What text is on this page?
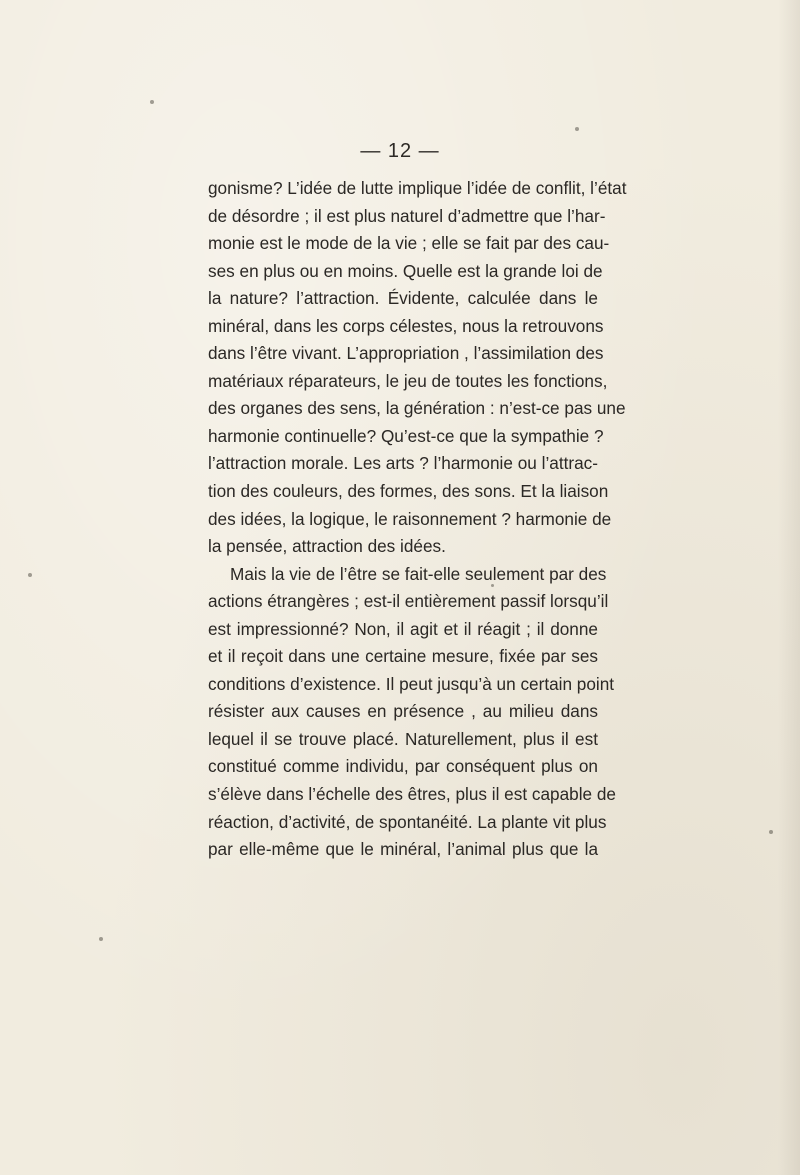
— 12 —
gonisme? L’idée de lutte implique l’idée de conflit, l’état
de désordre ; il est plus naturel d’admettre que l’har-
monie est le mode de la vie ; elle se fait par des cau-
ses en plus ou en moins. Quelle est la grande loi de
la nature? l’attraction. Évidente, calculée dans le
minéral, dans les corps célestes, nous la retrouvons
dans l’être vivant. L’appropriation , l’assimilation des
matériaux réparateurs, le jeu de toutes les fonctions,
des organes des sens, la génération : n’est-ce pas une
harmonie continuelle? Qu’est-ce que la sympathie ?
l’attraction morale. Les arts ? l’harmonie ou l’attrac-
tion des couleurs, des formes, des sons. Et la liaison
des idées, la logique, le raisonnement ? harmonie de
la pensée, attraction des idées.
Mais la vie de l’être se fait-elle seulement par des
actions étrangères ; est-il entièrement passif lorsqu’il
est impressionné? Non, il agit et il réagit ; il donne
et il reçoit dans une certaine mesure, fixée par ses
conditions d’existence. Il peut jusqu’à un certain point
résister aux causes en présence , au milieu dans
lequel il se trouve placé. Naturellement, plus il est
constitué comme individu, par conséquent plus on
s’élève dans l’échelle des êtres, plus il est capable de
réaction, d’activité, de spontanéité. La plante vit plus
par elle-même que le minéral, l’animal plus que la
